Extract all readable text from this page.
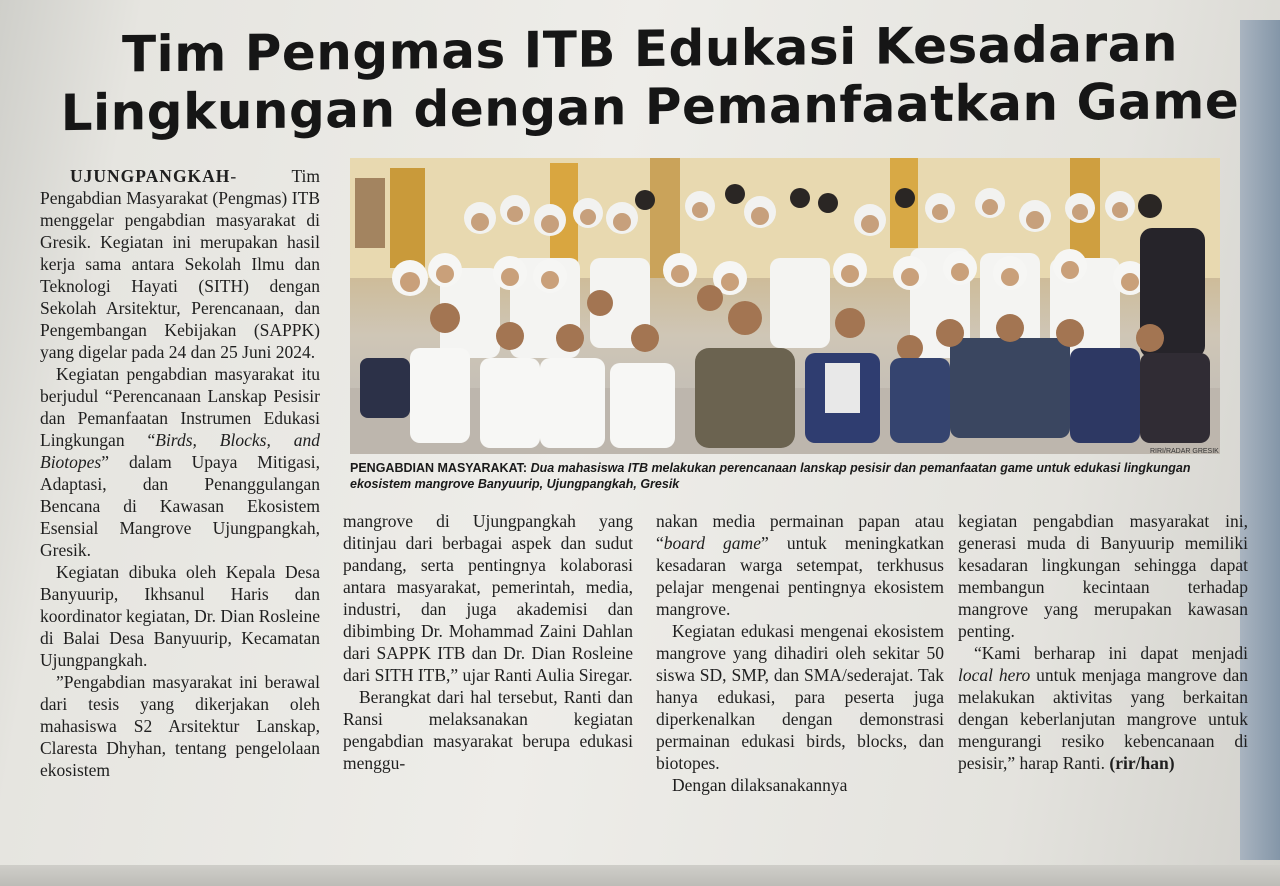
Tim Pengmas ITB Edukasi Kesadaran
Lingkungan dengan Pemanfaatkan Game
RIRI/RADAR GRESIK
PENGABDIAN MASYARAKAT: Dua mahasiswa ITB melakukan perencanaan lanskap pesisir dan pemanfaatan game untuk edukasi lingkungan ekosistem mangrove Banyuurip, Ujungpangkah, Gresik

UJUNGPANGKAH- Tim Pengabdian Masyarakat (Pengmas) ITB menggelar pengabdian masyarakat di Gresik. Kegiatan ini merupakan hasil kerja sama antara Sekolah Ilmu dan Teknologi Hayati (SITH) dengan Sekolah Arsitektur, Perencanaan, dan Pengembangan Kebijakan (SAPPK) yang digelar pada 24 dan 25 Juni 2024.

Kegiatan pengabdian masyarakat itu berjudul “Perencanaan Lanskap Pesisir dan Pemanfaatan Instrumen Edukasi Lingkungan “Birds, Blocks, and Biotopes” dalam Upaya Mitigasi, Adaptasi, dan Penanggulangan Bencana di Kawasan Ekosistem Esensial Mangrove Ujungpangkah, Gresik.

Kegiatan dibuka oleh Kepala Desa Banyuurip, Ikhsanul Haris dan koordinator kegiatan, Dr. Dian Rosleine di Balai Desa Banyuurip, Kecamatan Ujungpangkah.

”Pengabdian masyarakat ini berawal dari tesis yang dikerjakan oleh mahasiswa S2 Arsitektur Lanskap, Claresta Dhyhan, tentang pengelolaan ekosistem

mangrove di Ujungpangkah yang ditinjau dari berbagai aspek dan sudut pandang, serta pentingnya kolaborasi antara masyarakat, pemerintah, media, industri, dan juga akademisi dan dibimbing Dr. Mohammad Zaini Dahlan dari SAPPK ITB dan Dr. Dian Rosleine dari SITH ITB,” ujar Ranti Aulia Siregar.

Berangkat dari hal tersebut, Ranti dan Ransi melaksanakan kegiatan pengabdian masyarakat berupa edukasi menggu-

nakan media permainan papan atau “board game” untuk meningkatkan kesadaran warga setempat, terkhusus pelajar mengenai pentingnya ekosistem mangrove.

Kegiatan edukasi mengenai ekosistem mangrove yang dihadiri oleh sekitar 50 siswa SD, SMP, dan SMA/sederajat. Tak hanya edukasi, para peserta juga diperkenalkan dengan demonstrasi permainan edukasi birds, blocks, dan biotopes.

Dengan dilaksanakannya

kegiatan pengabdian masyarakat ini, generasi muda di Banyuurip memiliki kesadaran lingkungan sehingga dapat membangun kecintaan terhadap mangrove yang merupakan kawasan penting.

“Kami berharap ini dapat menjadi local hero untuk menjaga mangrove dan melakukan aktivitas yang berkaitan dengan keberlanjutan mangrove untuk mengurangi resiko kebencanaan di pesisir,” harap Ranti. (rir/han)
